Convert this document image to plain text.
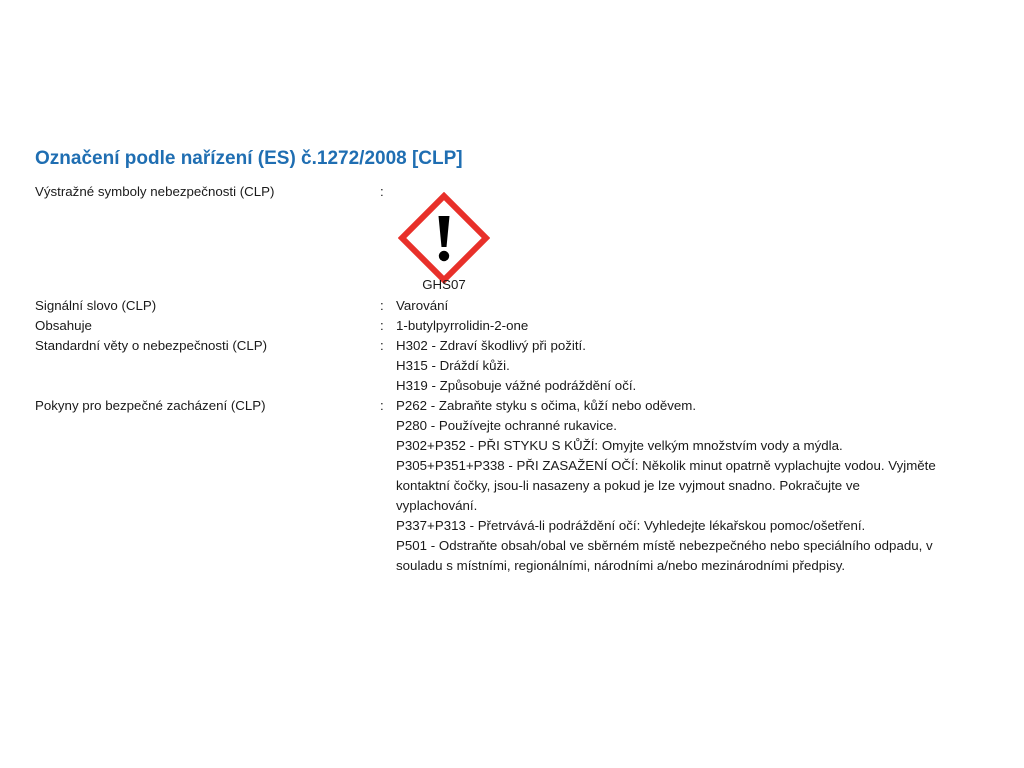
Označení podle nařízení (ES) č.1272/2008 [CLP]
Výstražné symboly nebezpečnosti (CLP)	:
GHS07
Signální slovo (CLP)	: Varování
Obsahuje	: 1-butylpyrrolidin-2-one
Standardní věty o nebezpečnosti (CLP)	: H302 - Zdraví škodlivý při požití.
H315 - Dráždí kůži.
H319 - Způsobuje vážné podráždění očí.
Pokyny pro bezpečné zacházení (CLP)	: P262 - Zabraňte styku s očima, kůží nebo oděvem.
P280 - Používejte ochranné rukavice.
P302+P352 - PŘI STYKU S KŮŽÍ: Omyjte velkým množstvím vody a mýdla.
P305+P351+P338 - PŘI ZASAŽENÍ OČÍ: Několik minut opatrně vyplachujte vodou. Vyjměte
kontaktní čočky, jsou-li nasazeny a pokud je lze vyjmout snadno. Pokračujte ve
vyplachování.
P337+P313 - Přetrvává-li podráždění očí: Vyhledejte lékařskou pomoc/ošetření.
P501 - Odstraňte obsah/obal ve sběrném místě nebezpečného nebo speciálního odpadu, v
souladu s místními, regionálními, národními a/nebo mezinárodními předpisy.
